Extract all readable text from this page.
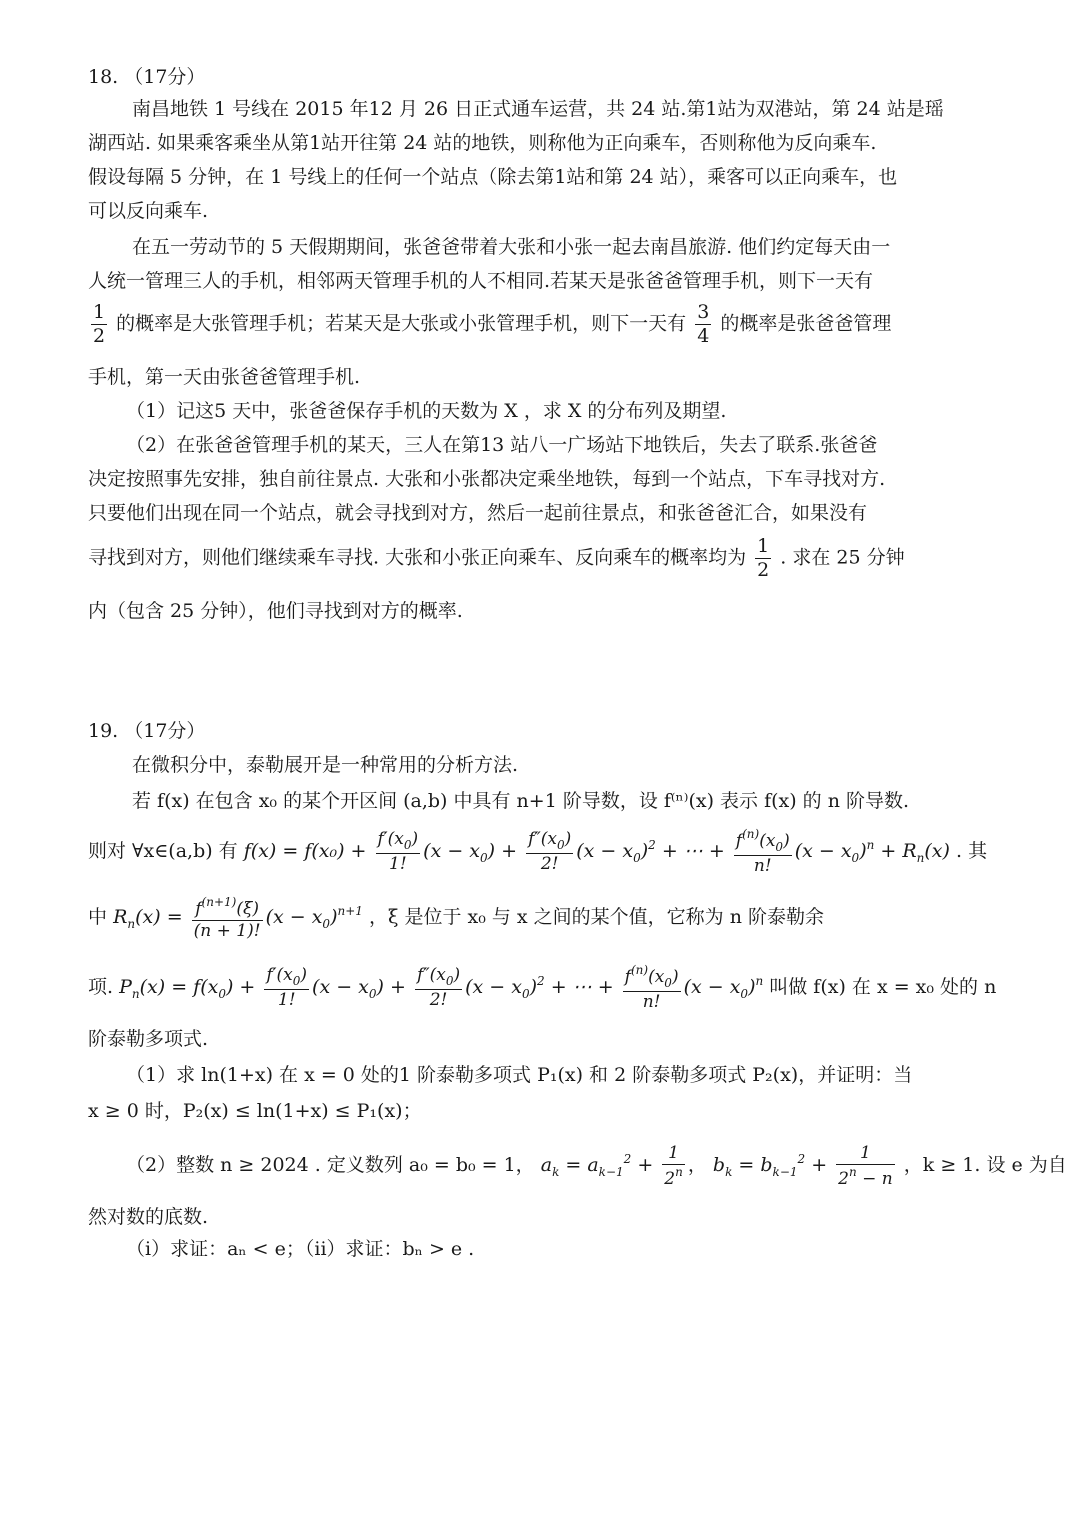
18. （17分）
南昌地铁 1 号线在 2015 年12 月 26 日正式通车运营，共 24 站.第1站为双港站，第 24 站是瑶
湖西站. 如果乘客乘坐从第1站开往第 24 站的地铁，则称他为正向乘车，否则称他为反向乘车.
假设每隔 5 分钟，在 1 号线上的任何一个站点（除去第1站和第 24 站），乘客可以正向乘车，也
可以反向乘车.
在五一劳动节的 5 天假期期间，张爸爸带着大张和小张一起去南昌旅游. 他们约定每天由一
人统一管理三人的手机，相邻两天管理手机的人不相同.若某天是张爸爸管理手机，则下一天有
$\frac{1}{2}$ 的概率是大张管理手机；若某天是大张或小张管理手机，则下一天有 $\frac{3}{4}$ 的概率是张爸爸管理
手机，第一天由张爸爸管理手机.
（1）记这5 天中，张爸爸保存手机的天数为 X ，求 X 的分布列及期望.
（2）在张爸爸管理手机的某天，三人在第13 站八一广场站下地铁后，失去了联系.张爸爸
决定按照事先安排，独自前往景点. 大张和小张都决定乘坐地铁，每到一个站点，下车寻找对方.
只要他们出现在同一个站点，就会寻找到对方，然后一起前往景点，和张爸爸汇合，如果没有
寻找到对方，则他们继续乘车寻找. 大张和小张正向乘车、反向乘车的概率均为 $\frac{1}{2}$ . 求在 25 分钟
内（包含 25 分钟），他们寻找到对方的概率.
19. （17分）
在微积分中，泰勒展开是一种常用的分析方法.
若 f(x) 在包含 x₀ 的某个开区间 (a,b) 中具有 n+1 阶导数，设 f⁽ⁿ⁾(x) 表示 f(x) 的 n 阶导数.
则对 ∀x∈(a,b) 有 $f(x) = f(x_0) + \frac{f'(x_0)}{1!} (x - x_0) + \frac{f''(x_0)}{2!} (x - x_0)^2$ + ⋯ + $\frac{f^{(n)}(x_0)}{n!} (x - x_0)^n + R_n(x)$ . 其
中 $R_n(x) = \frac{f^{(n+1)}(\xi)}{(n + 1)!} (x - x_0)^{n+1}$ ，ξ 是位于 x₀ 与 x 之间的某个值，它称为 n 阶泰勒余
项. $P_n(x) = f(x_0) + \frac{f'(x_0)}{1!} (x - x_0) + \frac{f''(x_0)}{2!} (x - x_0)^2$ + ⋯ + $\frac{f^{(n)}(x_0)}{n!} (x - x_0)^n$ 叫做 f(x) 在 x = x₀ 处的 n
阶泰勒多项式.
（1）求 ln(1+x) 在 x = 0 处的1 阶泰勒多项式 P₁(x) 和 2 阶泰勒多项式 P₂(x)，并证明：当
x ≥ 0 时，P₂(x) ≤ ln(1+x) ≤ P₁(x)；
（2）整数 n ≥ 2024 . 定义数列 a₀ = b₀ = 1， $a_k = a_{k-1}^2 + \frac{1}{2^n}$ ， $b_k = b_{k-1}^2 + \frac{1}{2^n - n}$ ，k ≥ 1. 设 e 为自
然对数的底数.
（i）求证：aₙ < e；（ii）求证：bₙ > e .
